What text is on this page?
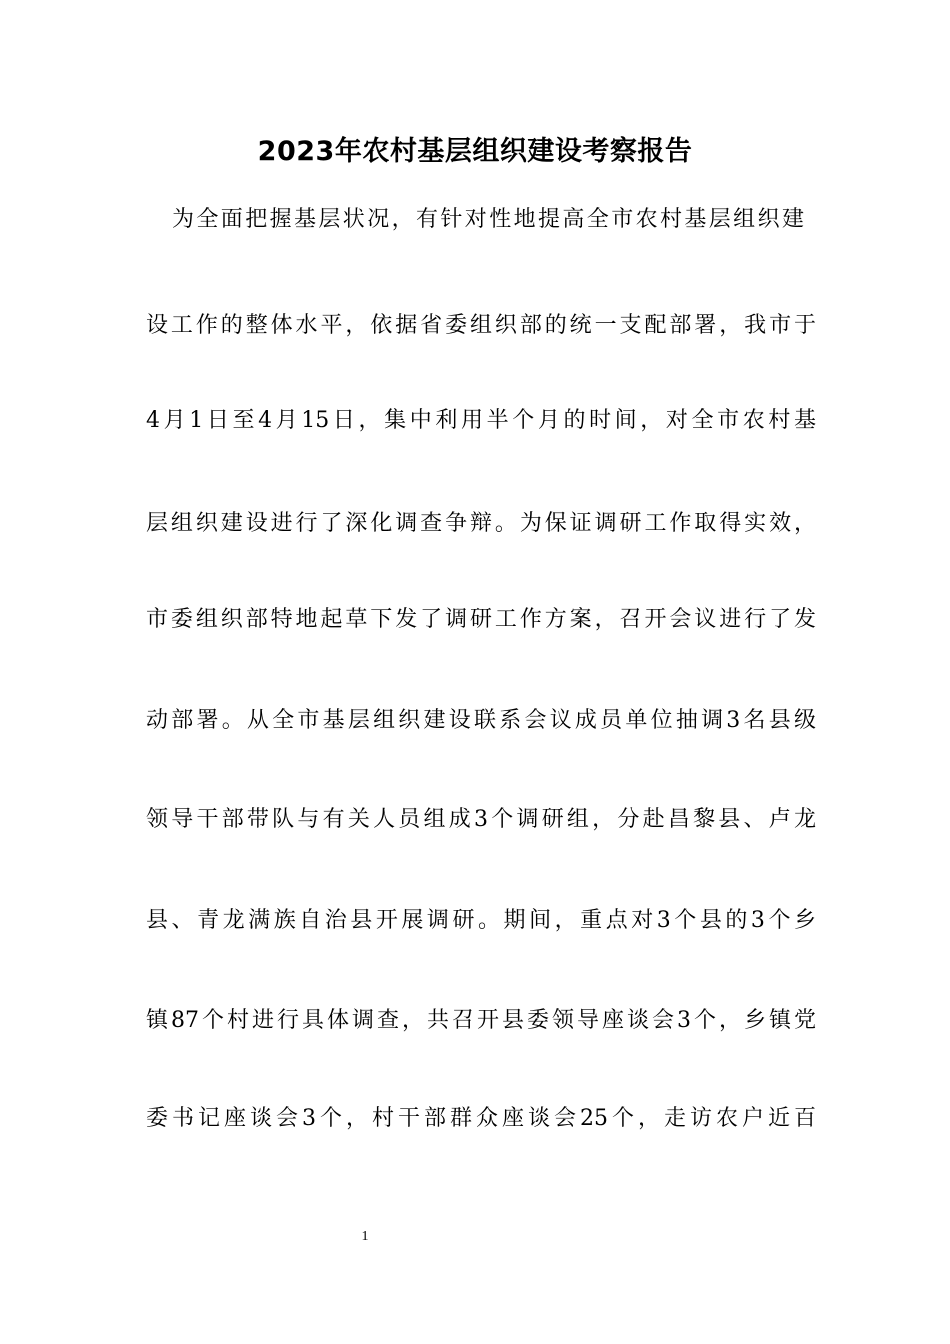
2023年农村基层组织建设考察报告
为全面把握基层状况，有针对性地提高全市农村基层组织建
设工作的整体水平，依据省委组织部的统一支配部署，我市于
4月1日至4月15日，集中利用半个月的时间，对全市农村基
层组织建设进行了深化调查争辩。为保证调研工作取得实效，
市委组织部特地起草下发了调研工作方案，召开会议进行了发
动部署。从全市基层组织建设联系会议成员单位抽调3名县级
领导干部带队与有关人员组成3个调研组，分赴昌黎县、卢龙
县、青龙满族自治县开展调研。期间，重点对3个县的3个乡
镇87个村进行具体调查，共召开县委领导座谈会3个，乡镇党
委书记座谈会3个，村干部群众座谈会25个，走访农户近百
1
